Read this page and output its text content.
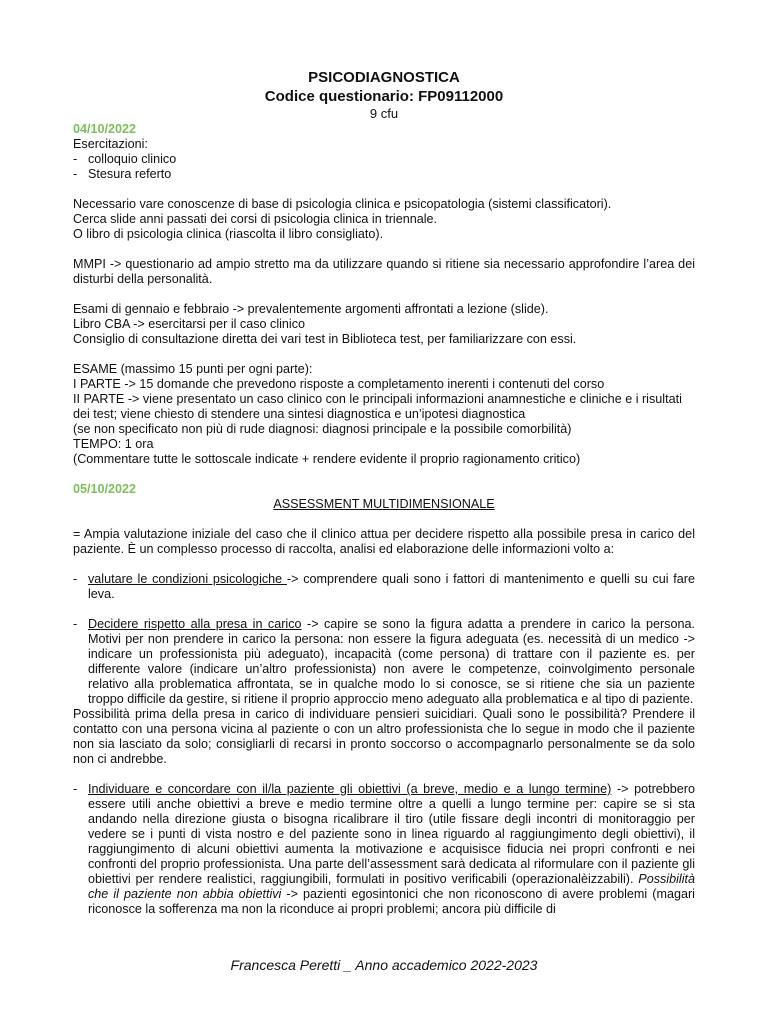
PSICODIAGNOSTICA
Codice questionario: FP09112000
9 cfu

04/10/2022

Esercitazioni:

- colloquio clinico
- Stesura referto

Necessario vare conoscenze di base di psicologia clinica e psicopatologia (sistemi classificatori).

Cerca slide anni passati dei corsi di psicologia clinica in triennale.

O libro di psicologia clinica (riascolta il libro consigliato).

MMPI -> questionario ad ampio stretto ma da utilizzare quando si ritiene sia necessario approfondire l’area dei disturbi della personalità.

Esami di gennaio e febbraio -> prevalentemente argomenti affrontati a lezione (slide).

Libro CBA -> esercitarsi per il caso clinico

Consiglio di consultazione diretta dei vari test in Biblioteca test, per familiarizzare con essi.

ESAME (massimo 15 punti per ogni parte):

I PARTE -> 15 domande che prevedono risposte a completamento inerenti i contenuti del corso

II PARTE -> viene presentato un caso clinico con le principali informazioni anamnestiche e cliniche e i risultati dei test; viene chiesto di stendere una sintesi diagnostica e un’ipotesi diagnostica

(se non specificato non più di rude diagnosi: diagnosi principale e la possibile comorbilità)

TEMPO: 1 ora

(Commentare tutte le sottoscale indicate + rendere evidente il proprio ragionamento critico)

05/10/2022

ASSESSMENT MULTIDIMENSIONALE

= Ampia valutazione iniziale del caso che il clinico attua per decidere rispetto alla possibile presa in carico del paziente. È un complesso processo di raccolta, analisi ed elaborazione delle informazioni volto a:

- valutare le condizioni psicologiche -> comprendere quali sono i fattori di mantenimento e quelli su cui fare leva.
- Decidere rispetto alla presa in carico -> capire se sono la figura adatta a prendere in carico la persona. Motivi per non prendere in carico la persona: non essere la figura adeguata (es. necessità di un medico -> indicare un professionista più adeguato), incapacità (come persona) di trattare con il paziente es. per differente valore (indicare un’altro professionista) non avere le competenze, coinvolgimento personale relativo alla problematica affrontata, se in qualche modo lo si conosce, se si ritiene che sia un paziente troppo difficile da gestire, si ritiene il proprio approccio meno adeguato alla problematica e al tipo di paziente.

Possibilità prima della presa in carico di individuare pensieri suicidiari. Quali sono le possibilità? Prendere il contatto con una persona vicina al paziente o con un altro professionista che lo segue in modo che il paziente non sia lasciato da solo; consigliarli di recarsi in pronto soccorso o accompagnarlo personalmente se da solo non ci andrebbe.

- Individuare e concordare con il/la paziente gli obiettivi (a breve, medio e a lungo termine) -> potrebbero essere utili anche obiettivi a breve e medio termine oltre a quelli a lungo termine per: capire se si sta andando nella direzione giusta o bisogna ricalibrare il tiro (utile fissare degli incontri di monitoraggio per vedere se i punti di vista nostro e del paziente sono in linea riguardo al raggiungimento degli obiettivi), il raggiungimento di alcuni obiettivi aumenta la motivazione e acquisisce fiducia nei propri confronti e nei confronti del proprio professionista. Una parte dell’assessment sarà dedicata al riformulare con il paziente gli obiettivi per rendere realistici, raggiungibili, formulati in positivo verificabili (operazionalèizzabili). Possibilità che il paziente non abbia obiettivi -> pazienti egosintonici che non riconoscono di avere problemi (magari riconosce la sofferenza ma non la riconduce ai propri problemi; ancora più difficile di
Francesca Peretti _ Anno accademico 2022-2023
